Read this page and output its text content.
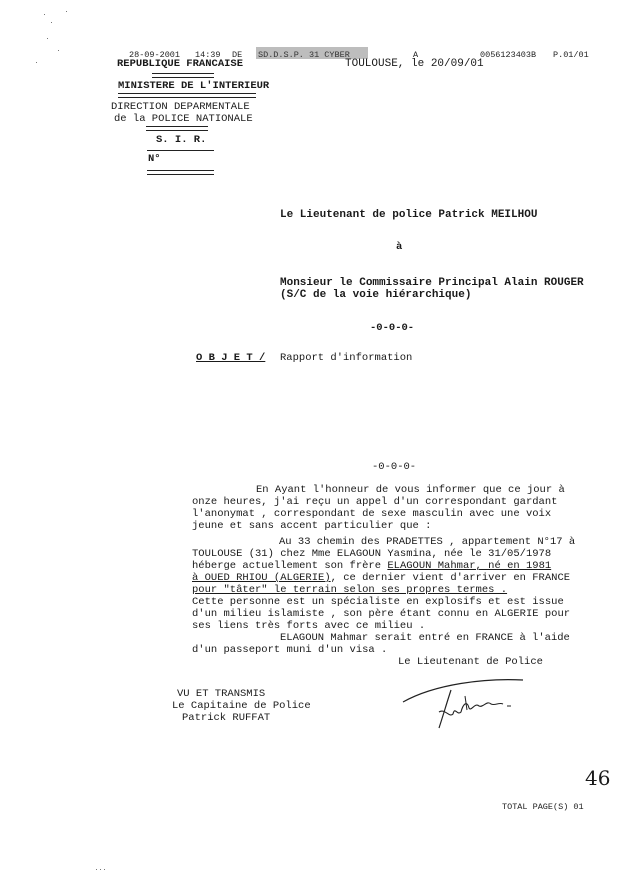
28-09-2001 14:39 DE SD.D.S.P. 31 CYBER	A	0056123403B P.01/01
REPUBLIQUE FRANCAISE	TOULOUSE, le 20/09/01
MINISTERE DE L'INTERIEUR
DIRECTION DEPARMENTALE
de la POLICE NATIONALE
S. I. R.
N°
Le Lieutenant de police Patrick MEILHOU
à
Monsieur le Commissaire Principal Alain ROUGER
(S/C de la voie hiérarchique)
-0-0-0-
O B J E T / Rapport d'information
-0-0-0-
En Ayant l'honneur de vous informer que ce jour à
onze heures, j'ai reçu un appel d'un correspondant gardant
l'anonymat , correspondant de sexe masculin avec une voix
jeune et sans accent particulier que :
Au 33 chemin des PRADETTES , appartement N°17 à
TOULOUSE (31) chez Mme ELAGOUN Yasmina, née le 31/05/1978
héberge actuellement son frère ELAGOUN Mahmar, né en 1981
à OUED RHIOU (ALGERIE), ce dernier vient d'arriver en FRANCE
pour "tâter" le terrain selon ses propres termes .
Cette personne est un spécialiste en explosifs et est issue
d'un milieu islamiste , son père étant connu en ALGERIE pour
ses liens très forts avec ce milieu .
ELAGOUN Mahmar serait entré en FRANCE à l'aide
d'un passeport muni d'un visa .
Le Lieutenant de Police
VU ET TRANSMIS
Le Capitaine de Police
Patrick RUFFAT
46
TOTAL PAGE(S) 01
